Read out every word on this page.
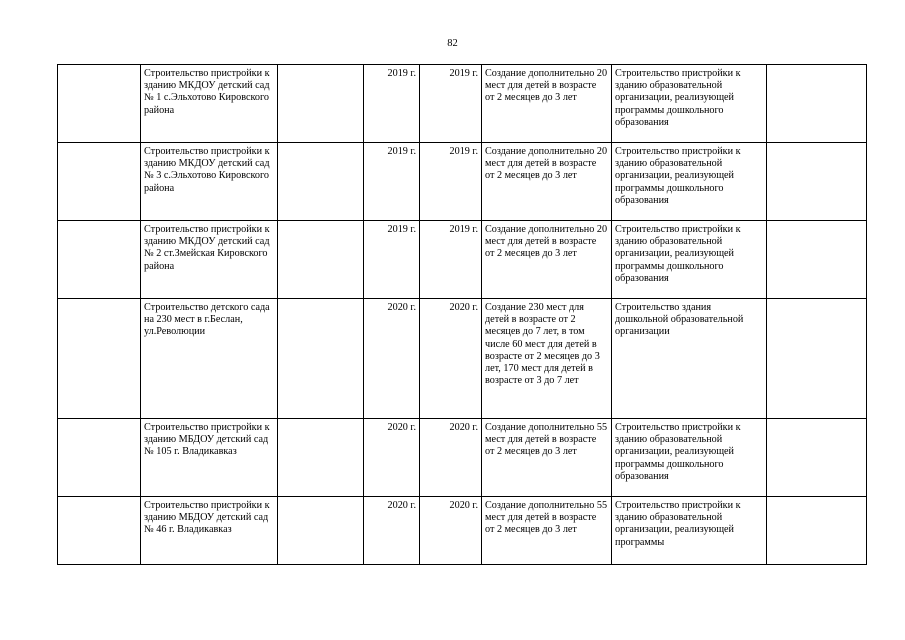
82
	Строительство пристройки к зданию МКДОУ детский сад № 1 с.Эльхотово Кировского района		2019 г.	2019 г.	Создание дополнительно 20 мест для детей в возрасте от 2 месяцев до 3 лет	Строительство пристройки к зданию образовательной организации, реализующей программы дошкольного образования	
	Строительство пристройки к зданию МКДОУ детский сад № 3 с.Эльхотово Кировского района		2019 г.	2019 г.	Создание дополнительно 20 мест для детей в возрасте от 2 месяцев до 3 лет	Строительство пристройки к зданию образовательной организации, реализующей программы дошкольного образования	
	Строительство пристройки к зданию МКДОУ детский сад № 2 ст.Змейская Кировского района		2019 г.	2019 г.	Создание дополнительно 20 мест для детей в возрасте от 2 месяцев до 3 лет	Строительство пристройки к зданию образовательной организации, реализующей программы дошкольного образования	
	Строительство детского сада на 230 мест в г.Беслан, ул.Революции		2020 г.	2020 г.	Создание 230 мест для детей в возрасте от 2 месяцев до 7 лет, в том числе 60 мест для детей в возрасте от 2 месяцев до 3 лет, 170 мест для детей в возрасте от 3 до 7 лет	Строительство здания дошкольной образовательной организации	
	Строительство пристройки к зданию МБДОУ детский сад № 105 г. Владикавказ		2020 г.	2020 г.	Создание дополнительно 55 мест для детей в возрасте от 2 месяцев до 3 лет	Строительство пристройки к зданию образовательной организации, реализующей программы дошкольного образования	
	Строительство пристройки к зданию МБДОУ детский сад № 46 г. Владикавказ		2020 г.	2020 г.	Создание дополнительно 55 мест для детей в возрасте от 2 месяцев до 3 лет	Строительство пристройки к зданию образовательной организации, реализующей программы	
